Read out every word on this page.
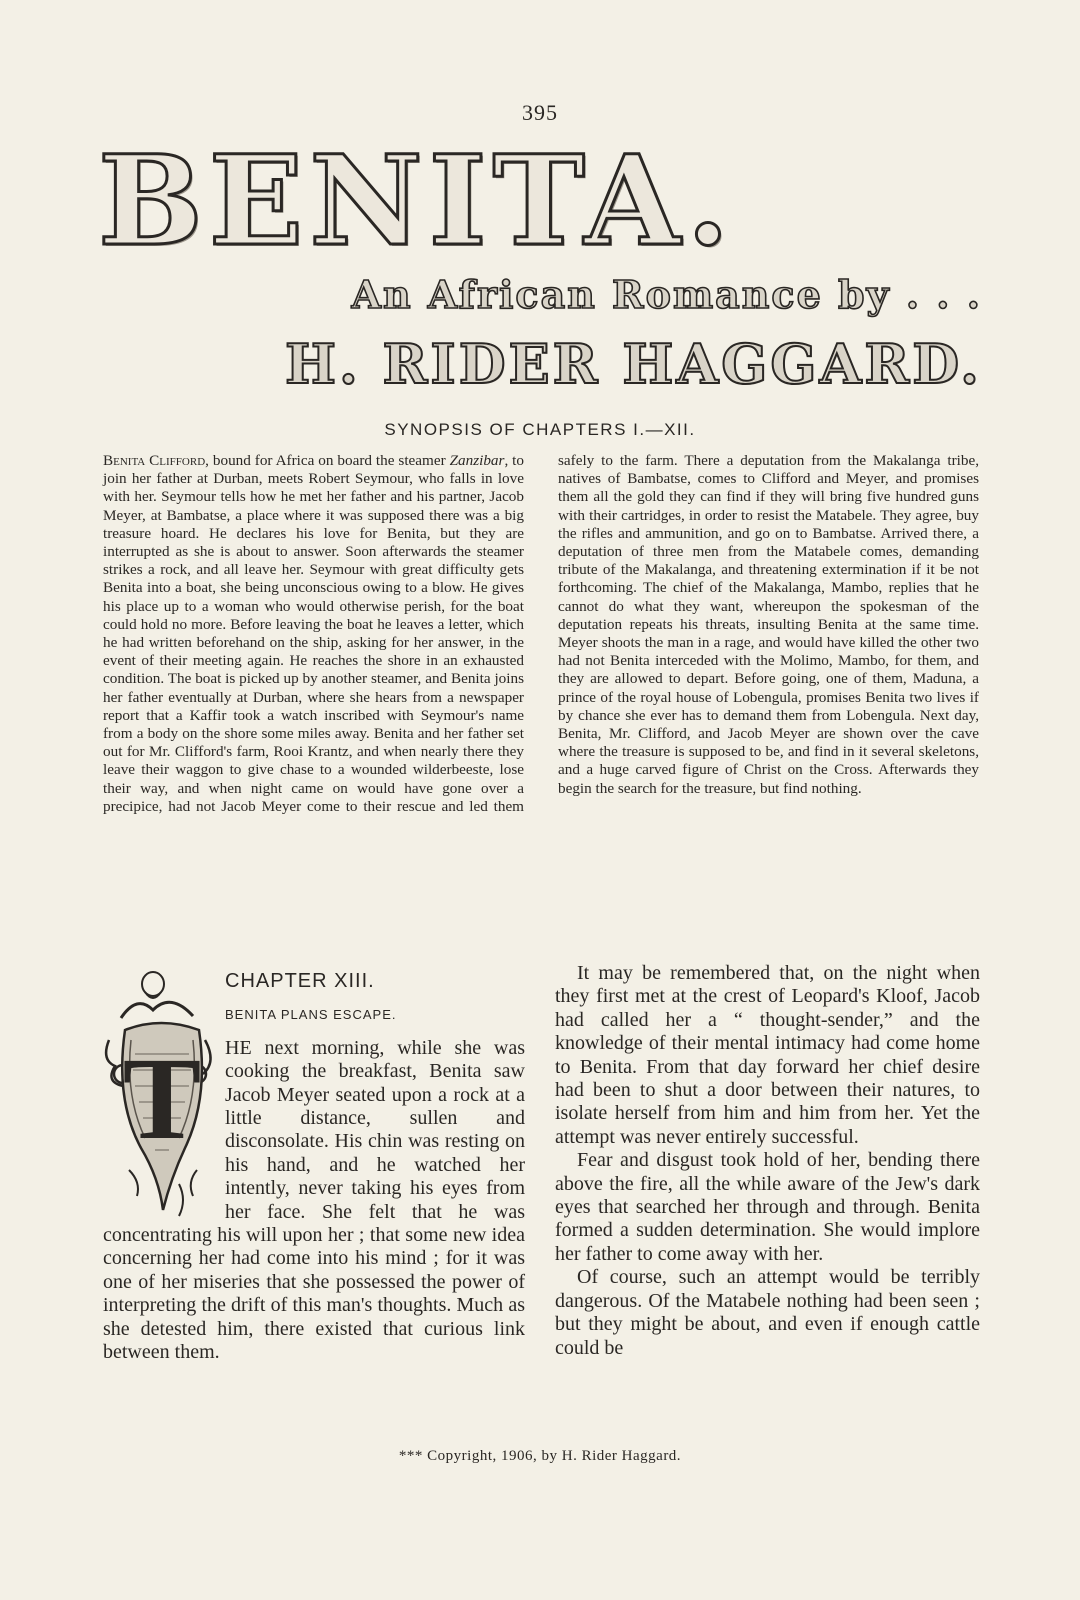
395
BENITA.
An African Romance by . . .
H. RIDER HAGGARD.
SYNOPSIS OF CHAPTERS I.—XII.

Benita Clifford, bound for Africa on board the steamer Zanzibar, to join her father at Durban, meets Robert Seymour, who falls in love with her. Seymour tells how he met her father and his partner, Jacob Meyer, at Bambatse, a place where it was supposed there was a big treasure hoard. He declares his love for Benita, but they are interrupted as she is about to answer. Soon afterwards the steamer strikes a rock, and all leave her. Seymour with great difficulty gets Benita into a boat, she being unconscious owing to a blow. He gives his place up to a woman who would otherwise perish, for the boat could hold no more. Before leaving the boat he leaves a letter, which he had written beforehand on the ship, asking for her answer, in the event of their meeting again. He reaches the shore in an exhausted condition. The boat is picked up by another steamer, and Benita joins her father eventually at Durban, where she hears from a newspaper report that a Kaffir took a watch inscribed with Seymour's name from a body on the shore some miles away. Benita and her father set out for Mr. Clifford's farm, Rooi Krantz, and when nearly there they leave their waggon to give chase to a wounded wilderbeeste, lose their way, and when night came on would have gone over a precipice, had not Jacob Meyer come to their rescue and led them safely to the farm. There a deputation from the Makalanga tribe, natives of Bambatse, comes to Clifford and Meyer, and promises them all the gold they can find if they will bring five hundred guns with their cartridges, in order to resist the Matabele. They agree, buy the rifles and ammunition, and go on to Bambatse. Arrived there, a deputation of three men from the Matabele comes, demanding tribute of the Makalanga, and threatening extermination if it be not forthcoming. The chief of the Makalanga, Mambo, replies that he cannot do what they want, whereupon the spokesman of the deputation repeats his threats, insulting Benita at the same time. Meyer shoots the man in a rage, and would have killed the other two had not Benita interceded with the Molimo, Mambo, for them, and they are allowed to depart. Before going, one of them, Maduna, a prince of the royal house of Lobengula, promises Benita two lives if by chance she ever has to demand them from Lobengula. Next day, Benita, Mr. Clifford, and Jacob Meyer are shown over the cave where the treasure is supposed to be, and find in it several skeletons, and a huge carved figure of Christ on the Cross. Afterwards they begin the search for the treasure, but find nothing.

T
CHAPTER XIII.
BENITA PLANS ESCAPE.

HE next morning, while she was cooking the breakfast, Benita saw Jacob Meyer seated upon a rock at a little distance, sullen and disconsolate. His chin was resting on his hand, and he watched her intently, never taking his eyes from her face. She felt that he was concentrating his will upon her ; that some new idea concerning her had come into his mind ; for it was one of her miseries that she possessed the power of interpreting the drift of this man's thoughts. Much as she detested him, there existed that curious link between them.

It may be remembered that, on the night when they first met at the crest of Leopard's Kloof, Jacob had called her a “ thought-sender,” and the knowledge of their mental intimacy had come home to Benita. From that day forward her chief desire had been to shut a door between their natures, to isolate herself from him and him from her. Yet the attempt was never entirely successful.

Fear and disgust took hold of her, bending there above the fire, all the while aware of the Jew's dark eyes that searched her through and through. Benita formed a sudden determination. She would implore her father to come away with her.

Of course, such an attempt would be terribly dangerous. Of the Matabele nothing had been seen ; but they might be about, and even if enough cattle could be

*** Copyright, 1906, by H. Rider Haggard.
